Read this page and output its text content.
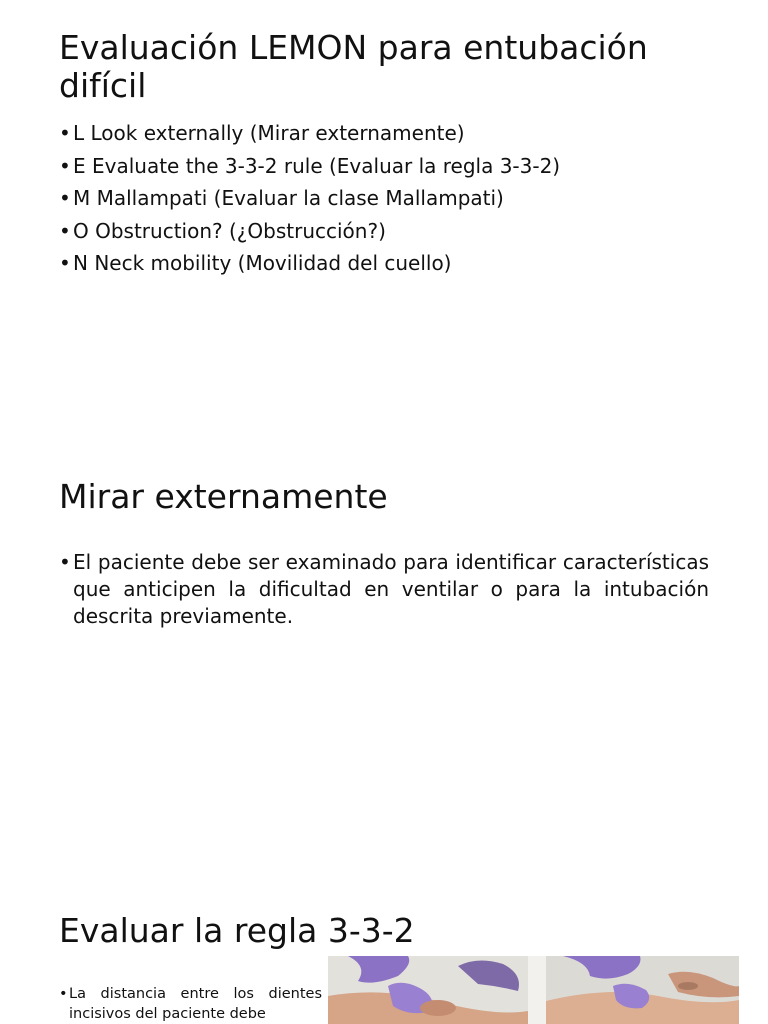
Evaluación LEMON para entubación difícil
• L Look externally (Mirar externamente)
• E Evaluate the 3-3-2 rule (Evaluar la regla 3-3-2)
• M Mallampati (Evaluar la clase Mallampati)
• O Obstruction? (¿Obstrucción?)
• N Neck mobility (Movilidad del cuello)
Mirar externamente
• El paciente debe ser examinado para identificar características que anticipen la dificultad en ventilar o para la intubación descrita previamente.
Evaluar la regla 3-3-2
• La distancia entre los dientes incisivos del paciente debe
